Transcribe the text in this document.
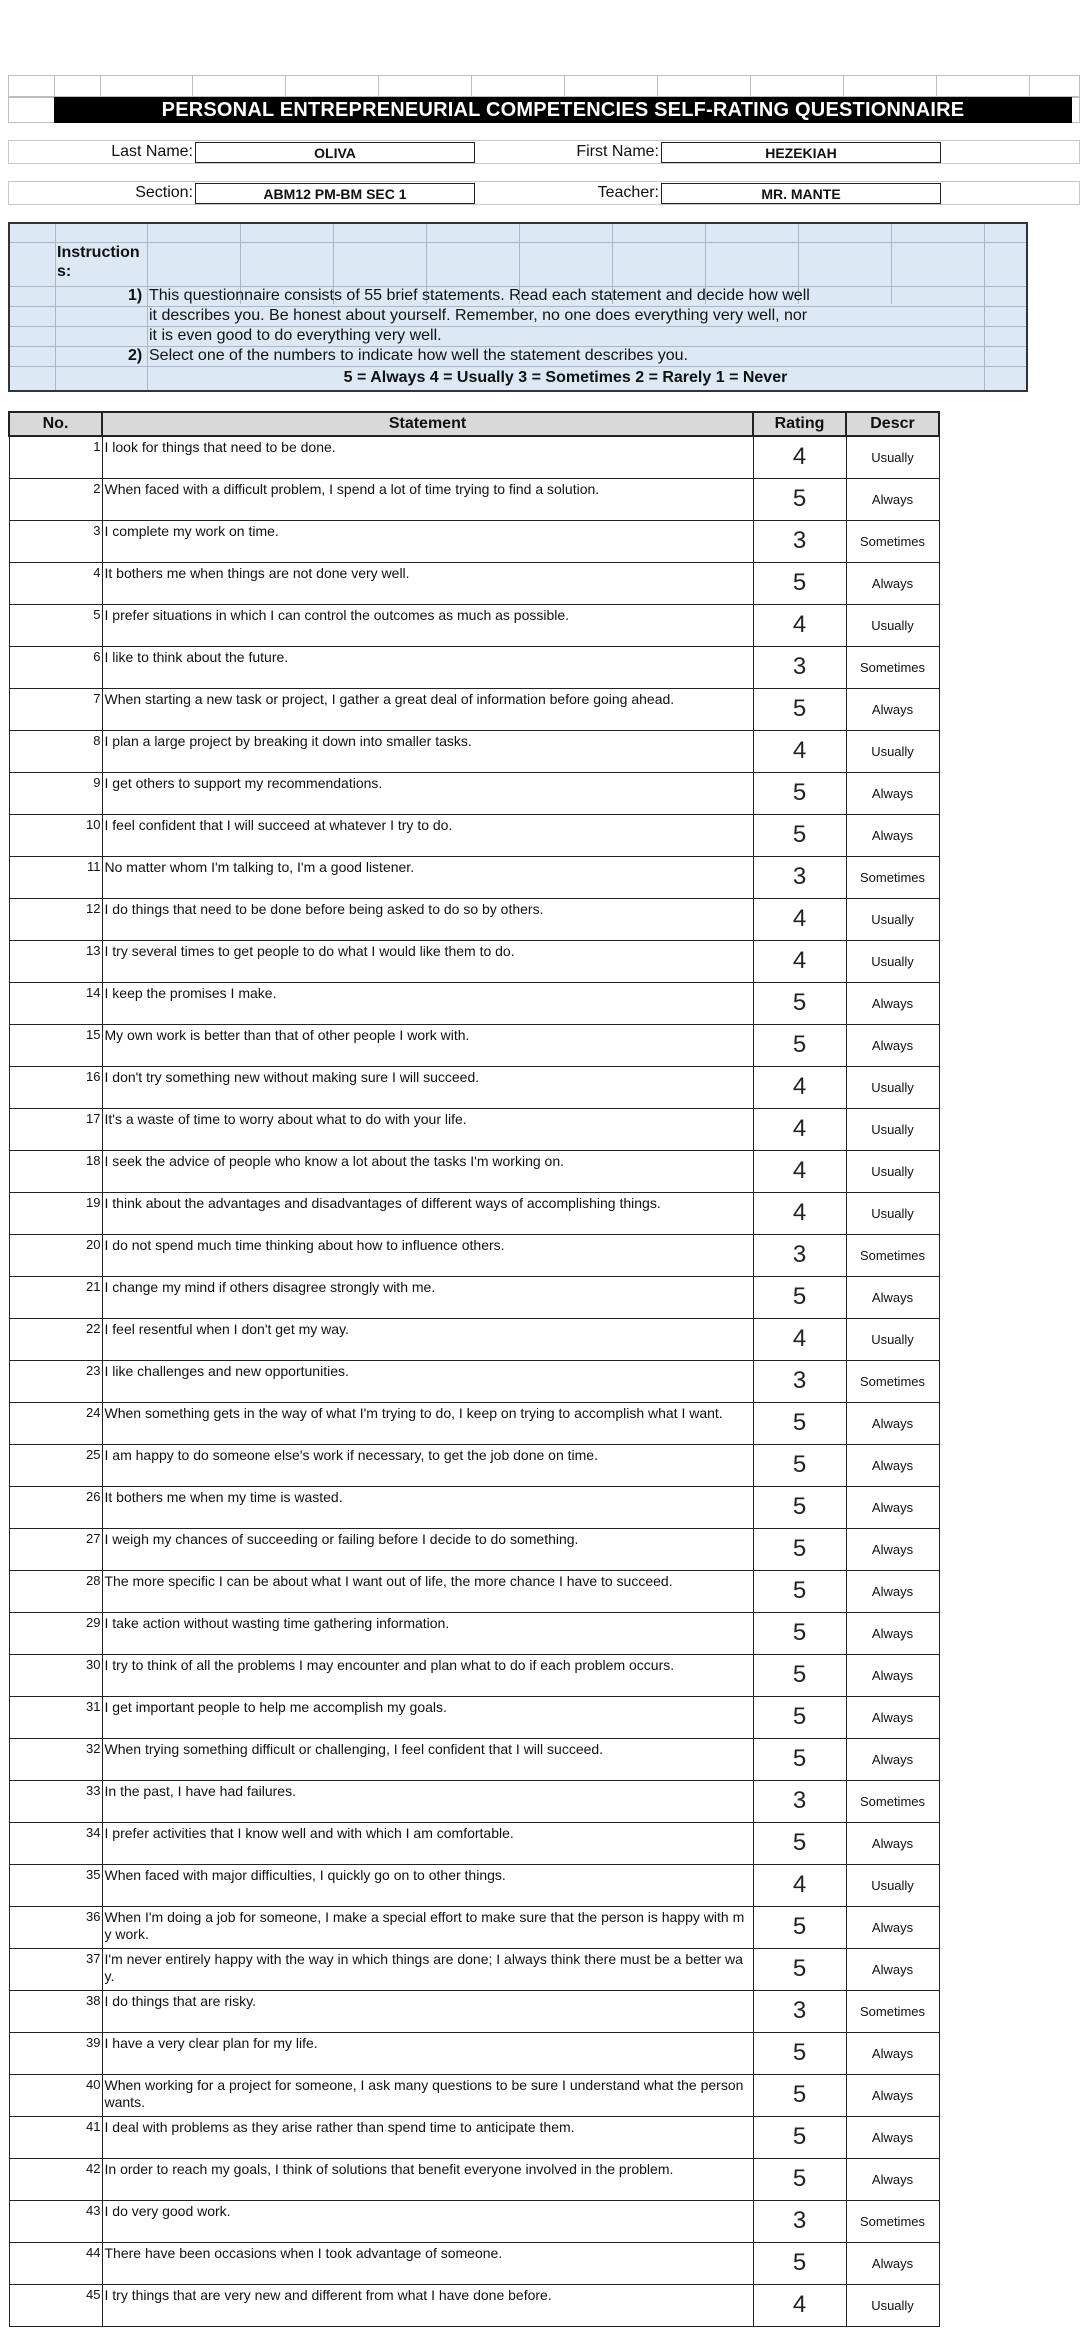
PERSONAL ENTREPRENEURIAL COMPETENCIES SELF-RATING QUESTIONNAIRE
Last Name:	OLIVA	First Name:	HEZEKIAH
Section:	ABM12 PM-BM SEC 1	Teacher:	MR. MANTE
Instruction
s:
1) This questionnaire consists of 55 brief statements. Read each statement and decide how well
it describes you. Be honest about yourself. Remember, no one does everything very well, nor
it is even good to do everything very well.
2) Select one of the numbers to indicate how well the statement describes you.
5 = Always 4 = Usually 3 = Sometimes 2 = Rarely 1 = Never
No.	Statement	Rating	Descr
1	I look for things that need to be done.	4	Usually
2	When faced with a difficult problem, I spend a lot of time trying to find a solution.	5	Always
3	I complete my work on time.	3	Sometimes
4	It bothers me when things are not done very well.	5	Always
5	I prefer situations in which I can control the outcomes as much as possible.	4	Usually
6	I like to think about the future.	3	Sometimes
7	When starting a new task or project, I gather a great deal of information before going ahead.	5	Always
8	I plan a large project by breaking it down into smaller tasks.	4	Usually
9	I get others to support my recommendations.	5	Always
10	I feel confident that I will succeed at whatever I try to do.	5	Always
11	No matter whom I'm talking to, I'm a good listener.	3	Sometimes
12	I do things that need to be done before being asked to do so by others.	4	Usually
13	I try several times to get people to do what I would like them to do.	4	Usually
14	I keep the promises I make.	5	Always
15	My own work is better than that of other people I work with.	5	Always
16	I don't try something new without making sure I will succeed.	4	Usually
17	It's a waste of time to worry about what to do with your life.	4	Usually
18	I seek the advice of people who know a lot about the tasks I'm working on.	4	Usually
19	I think about the advantages and disadvantages of different ways of accomplishing things.	4	Usually
20	I do not spend much time thinking about how to influence others.	3	Sometimes
21	I change my mind if others disagree strongly with me.	5	Always
22	I feel resentful when I don't get my way.	4	Usually
23	I like challenges and new opportunities.	3	Sometimes
24	When something gets in the way of what I'm trying to do, I keep on trying to accomplish what I want.	5	Always
25	I am happy to do someone else's work if necessary, to get the job done on time.	5	Always
26	It bothers me when my time is wasted.	5	Always
27	I weigh my chances of succeeding or failing before I decide to do something.	5	Always
28	The more specific I can be about what I want out of life, the more chance I have to succeed.	5	Always
29	I take action without wasting time gathering information.	5	Always
30	I try to think of all the problems I may encounter and plan what to do if each problem occurs.	5	Always
31	I get important people to help me accomplish my goals.	5	Always
32	When trying something difficult or challenging, I feel confident that I will succeed.	5	Always
33	In the past, I have had failures.	3	Sometimes
34	I prefer activities that I know well and with which I am comfortable.	5	Always
35	When faced with major difficulties, I quickly go on to other things.	4	Usually
36	When I'm doing a job for someone, I make a special effort to make sure that the person is happy with my work.	5	Always
37	I'm never entirely happy with the way in which things are done; I always think there must be a better way.	5	Always
38	I do things that are risky.	3	Sometimes
39	I have a very clear plan for my life.	5	Always
40	When working for a project for someone, I ask many questions to be sure I understand what the person wants.	5	Always
41	I deal with problems as they arise rather than spend time to anticipate them.	5	Always
42	In order to reach my goals, I think of solutions that benefit everyone involved in the problem.	5	Always
43	I do very good work.	3	Sometimes
44	There have been occasions when I took advantage of someone.	5	Always
45	I try things that are very new and different from what I have done before.	4	Usually
